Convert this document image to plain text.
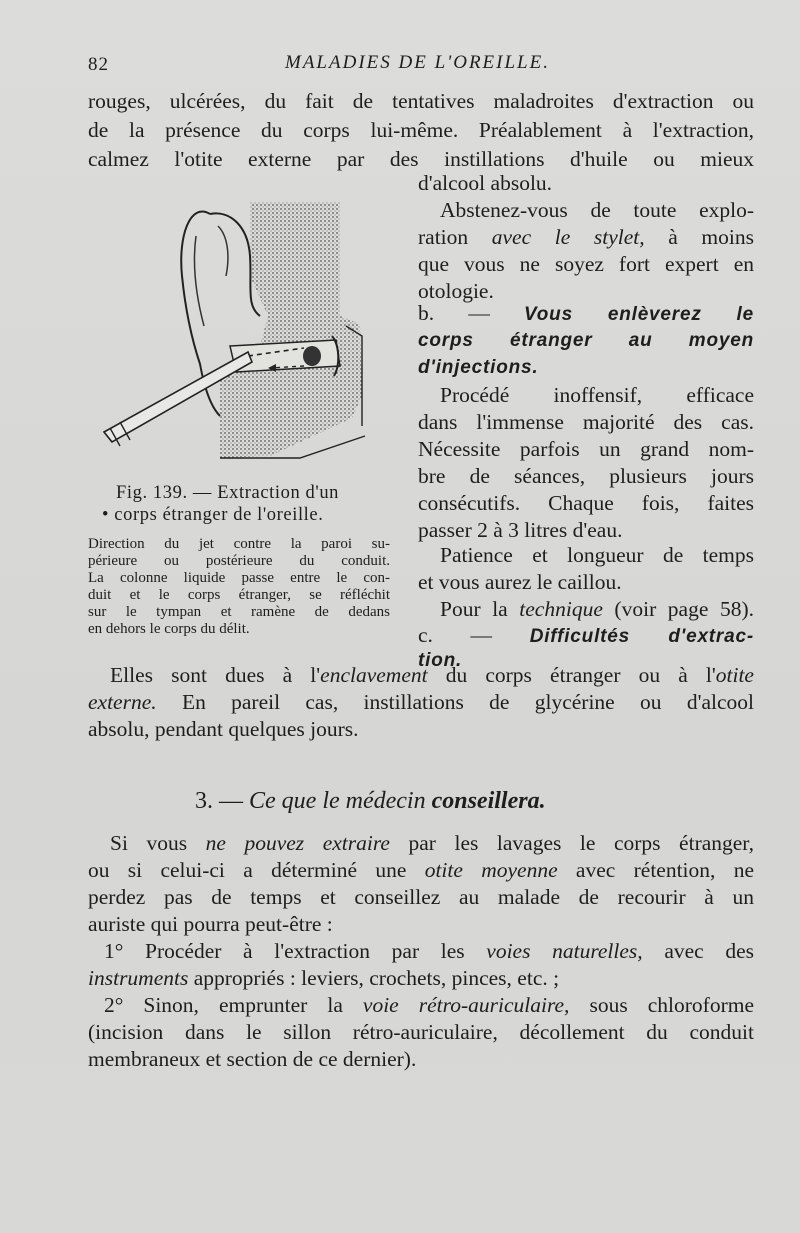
82	MALADIES DE L'OREILLE.
rouges, ulcérées, du fait de tentatives maladroites d'extraction ou
de la présence du corps lui-même. Préalablement à l'extraction,
calmez l'otite externe par des instillations d'huile ou mieux
d'alcool absolu.
Abstenez-vous de toute explo-
ration avec le stylet, à moins
que vous ne soyez fort expert en
otologie.
b. — Vous enlèverez le
corps étranger au moyen
d'injections.
Procédé inoffensif, efficace
dans l'immense majorité des cas.
Nécessite parfois un grand nom-
bre de séances, plusieurs jours
consécutifs. Chaque fois, faites
passer 2 à 3 litres d'eau.
Patience et longueur de temps
et vous aurez le caillou.
Pour la technique (voir page 58).
c. — Difficultés d'extrac-
tion.
Fig. 139. — Extraction d'un
• corps étranger de l'oreille.
Direction du jet contre la paroi su-
périeure ou postérieure du conduit.
La colonne liquide passe entre le con-
duit et le corps étranger, se réfléchit
sur le tympan et ramène de dedans
en dehors le corps du délit.
Elles sont dues à l'enclavement du corps étranger ou à l'otite
externe. En pareil cas, instillations de glycérine ou d'alcool
absolu, pendant quelques jours.
3. — Ce que le médecin conseillera.
Si vous ne pouvez extraire par les lavages le corps étranger,
ou si celui-ci a déterminé une otite moyenne avec rétention, ne
perdez pas de temps et conseillez au malade de recourir à un
auriste qui pourra peut-être :
1° Procéder à l'extraction par les voies naturelles, avec des
instruments appropriés : leviers, crochets, pinces, etc. ;
2° Sinon, emprunter la voie rétro-auriculaire, sous chloroforme
(incision dans le sillon rétro-auriculaire, décollement du conduit
membraneux et section de ce dernier).
